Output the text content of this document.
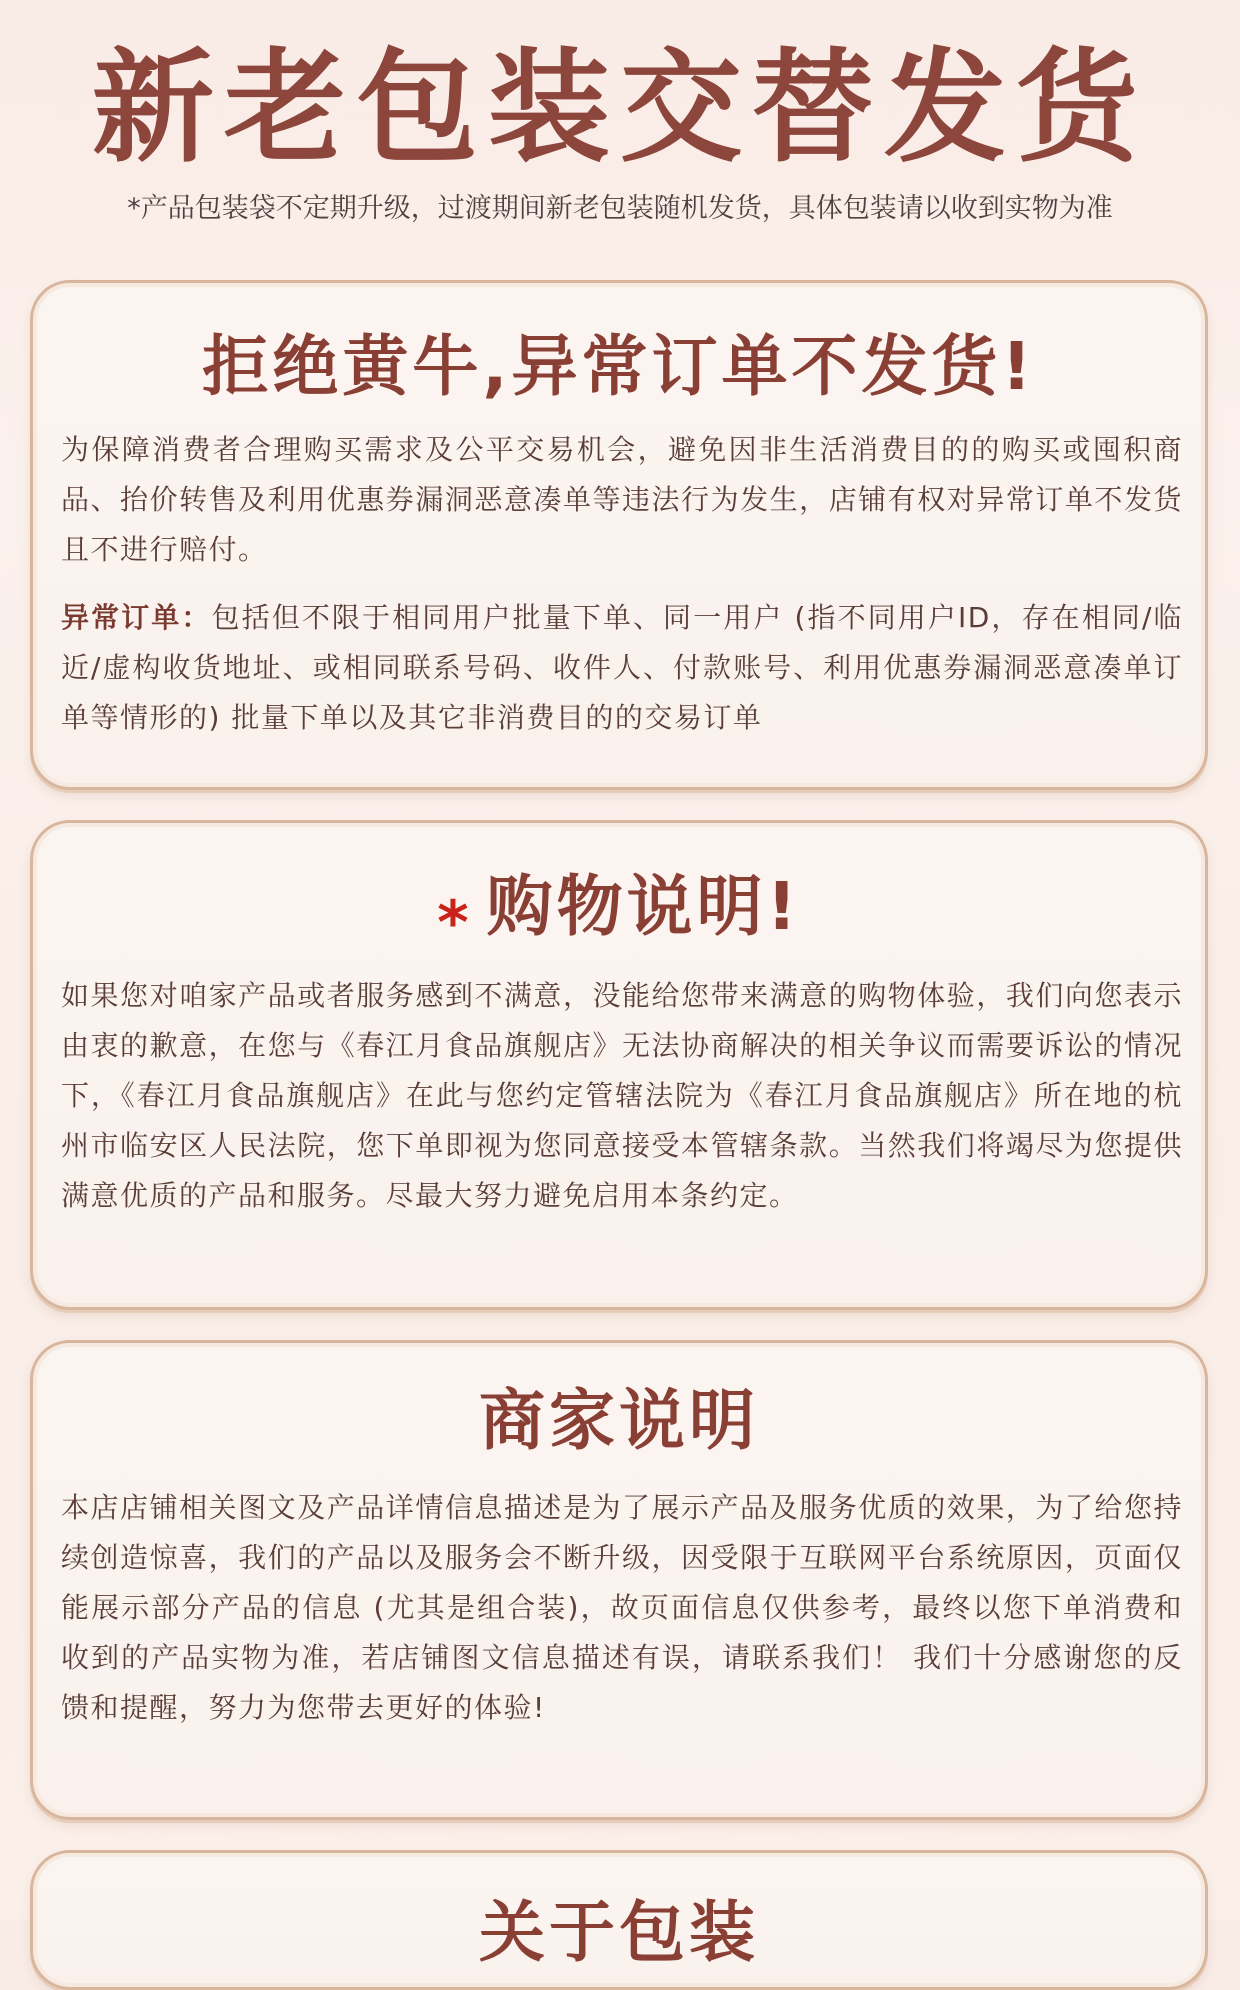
新老包装交替发货
*产品包装袋不定期升级，过渡期间新老包装随机发货，具体包装请以收到实物为准
拒绝黄牛,异常订单不发货!

为保障消费者合理购买需求及公平交易机会，避免因非生活消费目的的购买或囤积商品、抬价转售及利用优惠券漏洞恶意凑单等违法行为发生，店铺有权对异常订单不发货且不进行赔付。

异常订单：包括但不限于相同用户批量下单、同一用户 (指不同用户ID，存在相同/临近/虚构收货地址、或相同联系号码、收件人、付款账号、利用优惠券漏洞恶意凑单订单等情形的) 批量下单以及其它非消费目的的交易订单

* 购物说明!

如果您对咱家产品或者服务感到不满意，没能给您带来满意的购物体验，我们向您表示由衷的歉意，在您与《春江月食品旗舰店》无法协商解决的相关争议而需要诉讼的情况下，《春江月食品旗舰店》在此与您约定管辖法院为《春江月食品旗舰店》所在地的杭州市临安区人民法院，您下单即视为您同意接受本管辖条款。当然我们将竭尽为您提供满意优质的产品和服务。尽最大努力避免启用本条约定。

商家说明

本店店铺相关图文及产品详情信息描述是为了展示产品及服务优质的效果，为了给您持续创造惊喜，我们的产品以及服务会不断升级，因受限于互联网平台系统原因，页面仅能展示部分产品的信息 (尤其是组合装)，故页面信息仅供参考，最终以您下单消费和收到的产品实物为准，若店铺图文信息描述有误，请联系我们！ 我们十分感谢您的反馈和提醒，努力为您带去更好的体验!

关于包装
